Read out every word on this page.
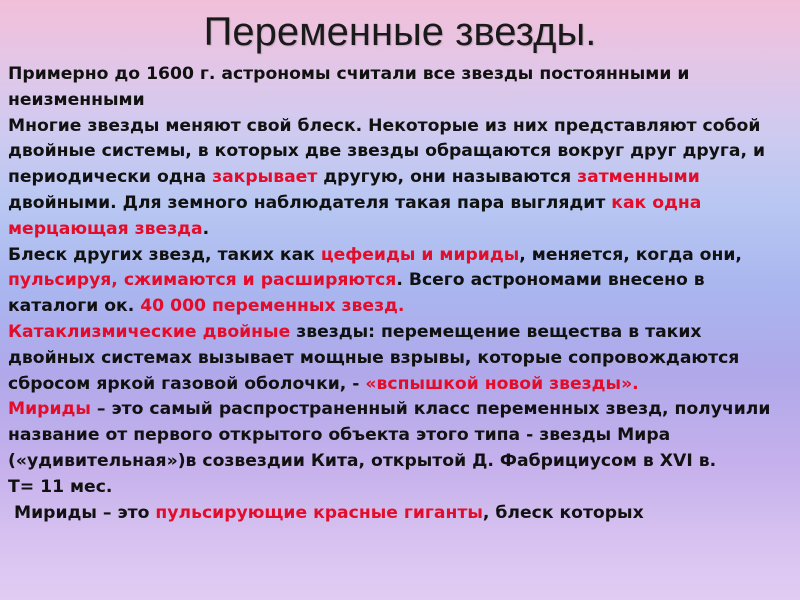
Переменные звезды.
Примерно до 1600 г. астрономы считали все звезды постоянными и неизменными
Многие звезды меняют свой блеск. Некоторые из них представляют собой двойные системы, в которых две звезды обращаются вокруг друг друга, и периодически одна закрывает другую, они называются затменными двойными. Для земного наблюдателя такая пара выглядит как одна мерцающая звезда.
Блеск других звезд, таких как цефеиды и мириды, меняется, когда они, пульсируя, сжимаются и расширяются. Всего астрономами внесено в каталоги ок. 40 000 переменных звезд.
Катаклизмические двойные звезды: перемещение вещества в таких двойных системах вызывает мощные взрывы, которые сопровождаются сбросом яркой газовой оболочки, - «вспышкой новой звезды».
Мириды – это самый распространенный класс переменных звезд, получили название от первого открытого объекта этого типа - звезды Мира («удивительная»)в созвездии Кита, открытой Д. Фабрициусом в XVI в.
T= 11 мес.
Мириды – это пульсирующие красные гиганты, блеск которых
